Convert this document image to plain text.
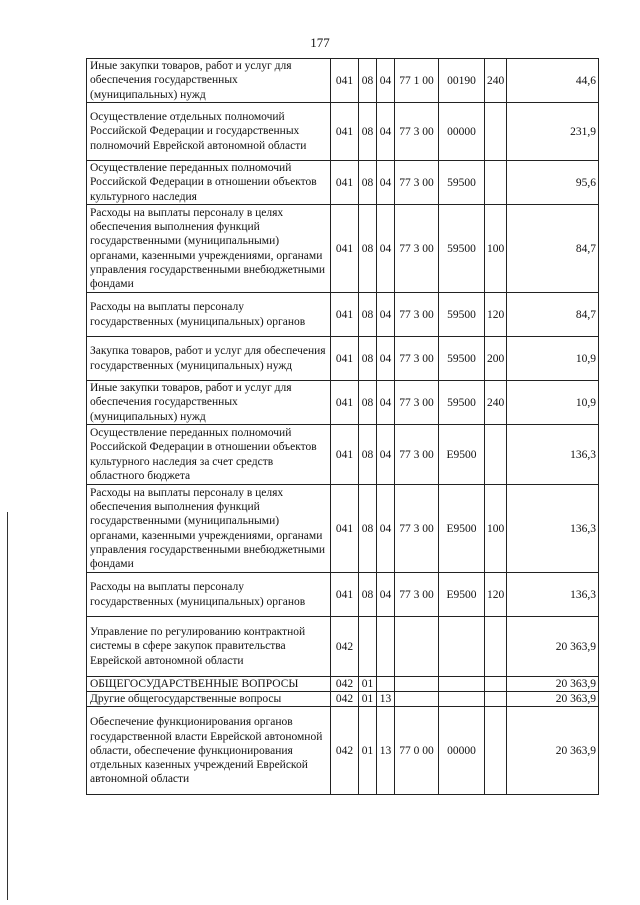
177
Иные закупки товаров, работ и услуг для обеспечения государственных (муниципальных) нужд	041	08	04	77 1 00	00190	240	44,6
Осуществление отдельных полномочий Российской Федерации и государственных полномочий Еврейской автономной области	041	08	04	77 3 00	00000		231,9
Осуществление переданных полномочий Российской Федерации в отношении объектов культурного наследия	041	08	04	77 3 00	59500		95,6
Расходы на выплаты персоналу в целях обеспечения выполнения функций государственными (муниципальными) органами, казенными учреждениями, органами управления государственными внебюджетными фондами	041	08	04	77 3 00	59500	100	84,7
Расходы на выплаты персоналу государственных (муниципальных) органов	041	08	04	77 3 00	59500	120	84,7
Закупка товаров, работ и услуг для обеспечения государственных (муниципальных) нужд	041	08	04	77 3 00	59500	200	10,9
Иные закупки товаров, работ и услуг для обеспечения государственных (муниципальных) нужд	041	08	04	77 3 00	59500	240	10,9
Осуществление переданных полномочий Российской Федерации в отношении объектов культурного наследия за счет средств областного бюджета	041	08	04	77 3 00	E9500		136,3
Расходы на выплаты персоналу в целях обеспечения выполнения функций государственными (муниципальными) органами, казенными учреждениями, органами управления государственными внебюджетными фондами	041	08	04	77 3 00	E9500	100	136,3
Расходы на выплаты персоналу государственных (муниципальных) органов	041	08	04	77 3 00	E9500	120	136,3
Управление по регулированию контрактной системы в сфере закупок правительства Еврейской автономной области	042						20 363,9
ОБЩЕГОСУДАРСТВЕННЫЕ ВОПРОСЫ	042	01					20 363,9
Другие общегосударственные вопросы	042	01	13				20 363,9
Обеспечение функционирования органов государственной власти Еврейской автономной области, обеспечение функционирования отдельных казенных учреждений Еврейской автономной области	042	01	13	77 0 00	00000		20 363,9
